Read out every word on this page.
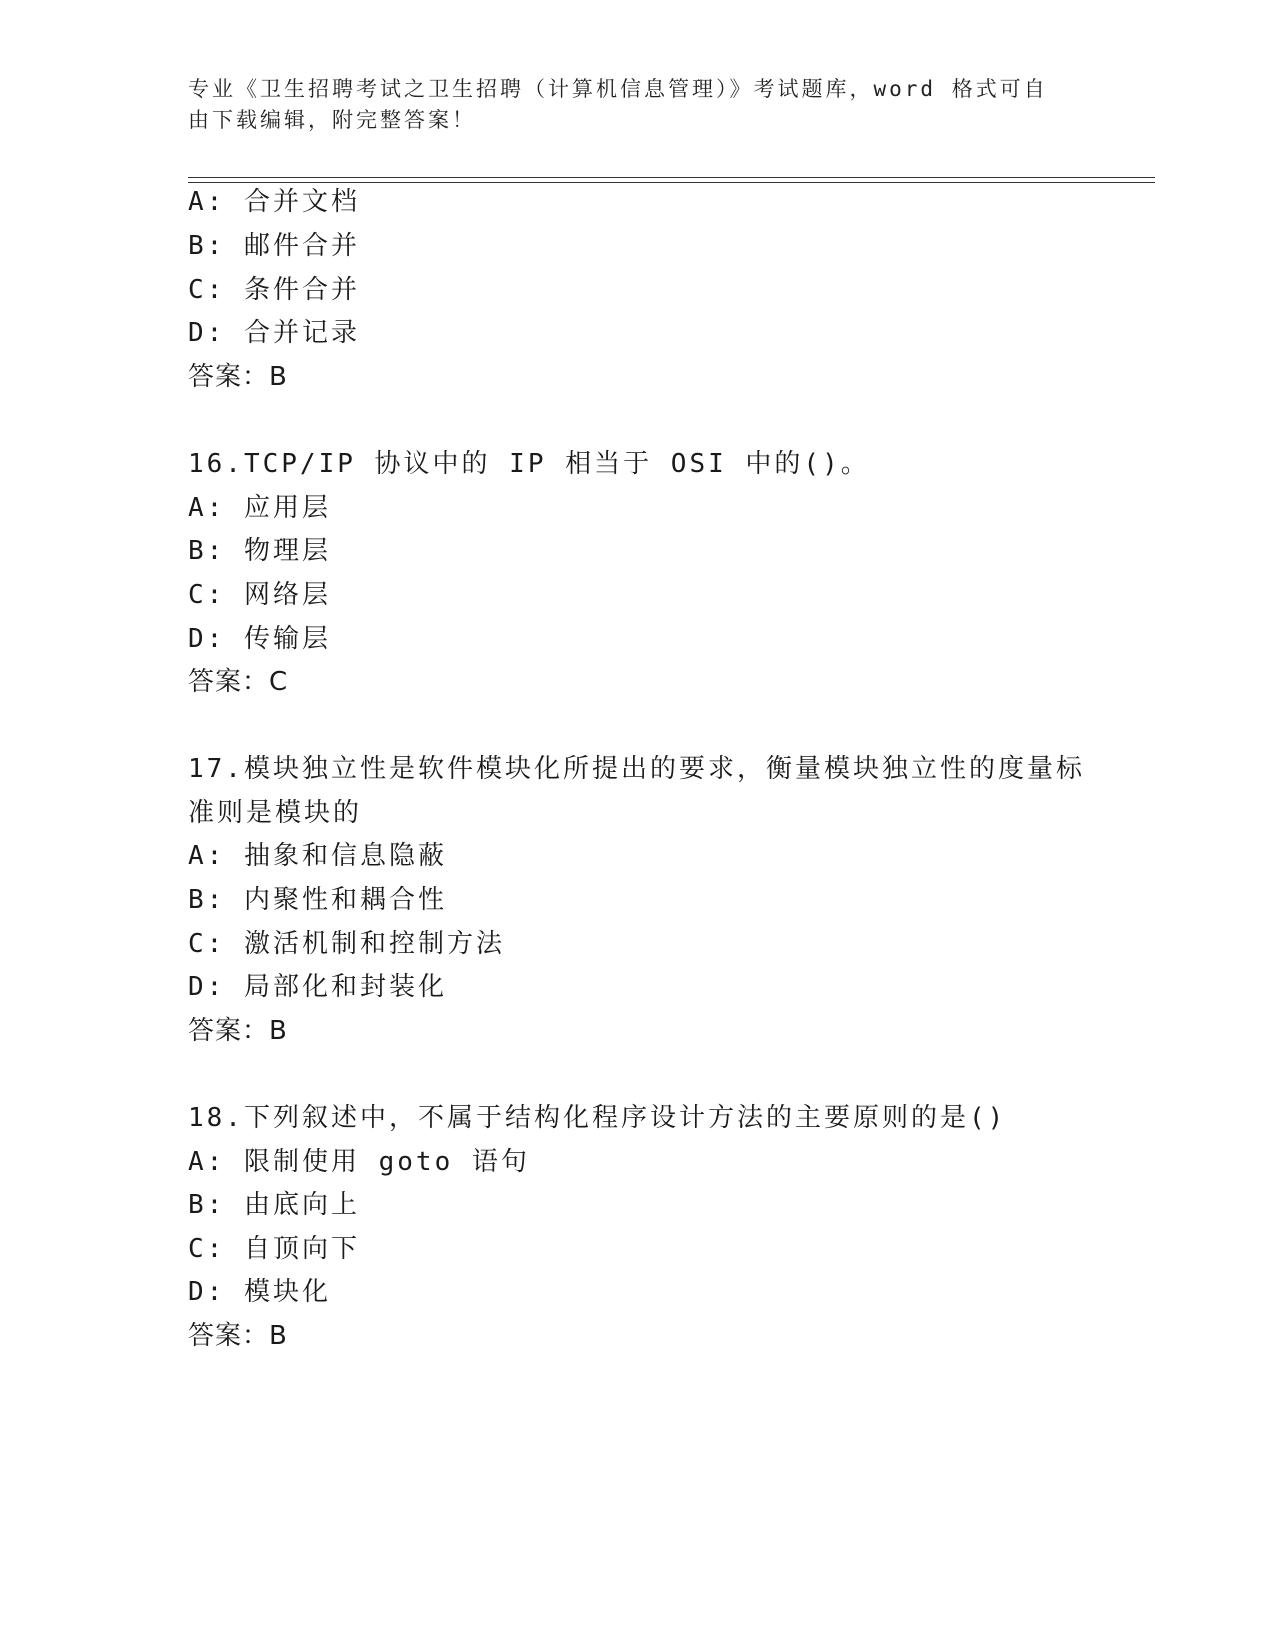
专业《卫生招聘考试之卫生招聘（计算机信息管理）》考试题库，word 格式可自由下载编辑，附完整答案！
A: 合并文档
B: 邮件合并
C: 条件合并
D: 合并记录
答案：B
16.TCP/IP 协议中的 IP 相当于 OSI 中的()。
A: 应用层
B: 物理层
C: 网络层
D: 传输层
答案：C
17.模块独立性是软件模块化所提出的要求，衡量模块独立性的度量标
准则是模块的
A: 抽象和信息隐蔽
B: 内聚性和耦合性
C: 激活机制和控制方法
D: 局部化和封装化
答案：B
18.下列叙述中，不属于结构化程序设计方法的主要原则的是()
A: 限制使用 goto 语句
B: 由底向上
C: 自顶向下
D: 模块化
答案：B
